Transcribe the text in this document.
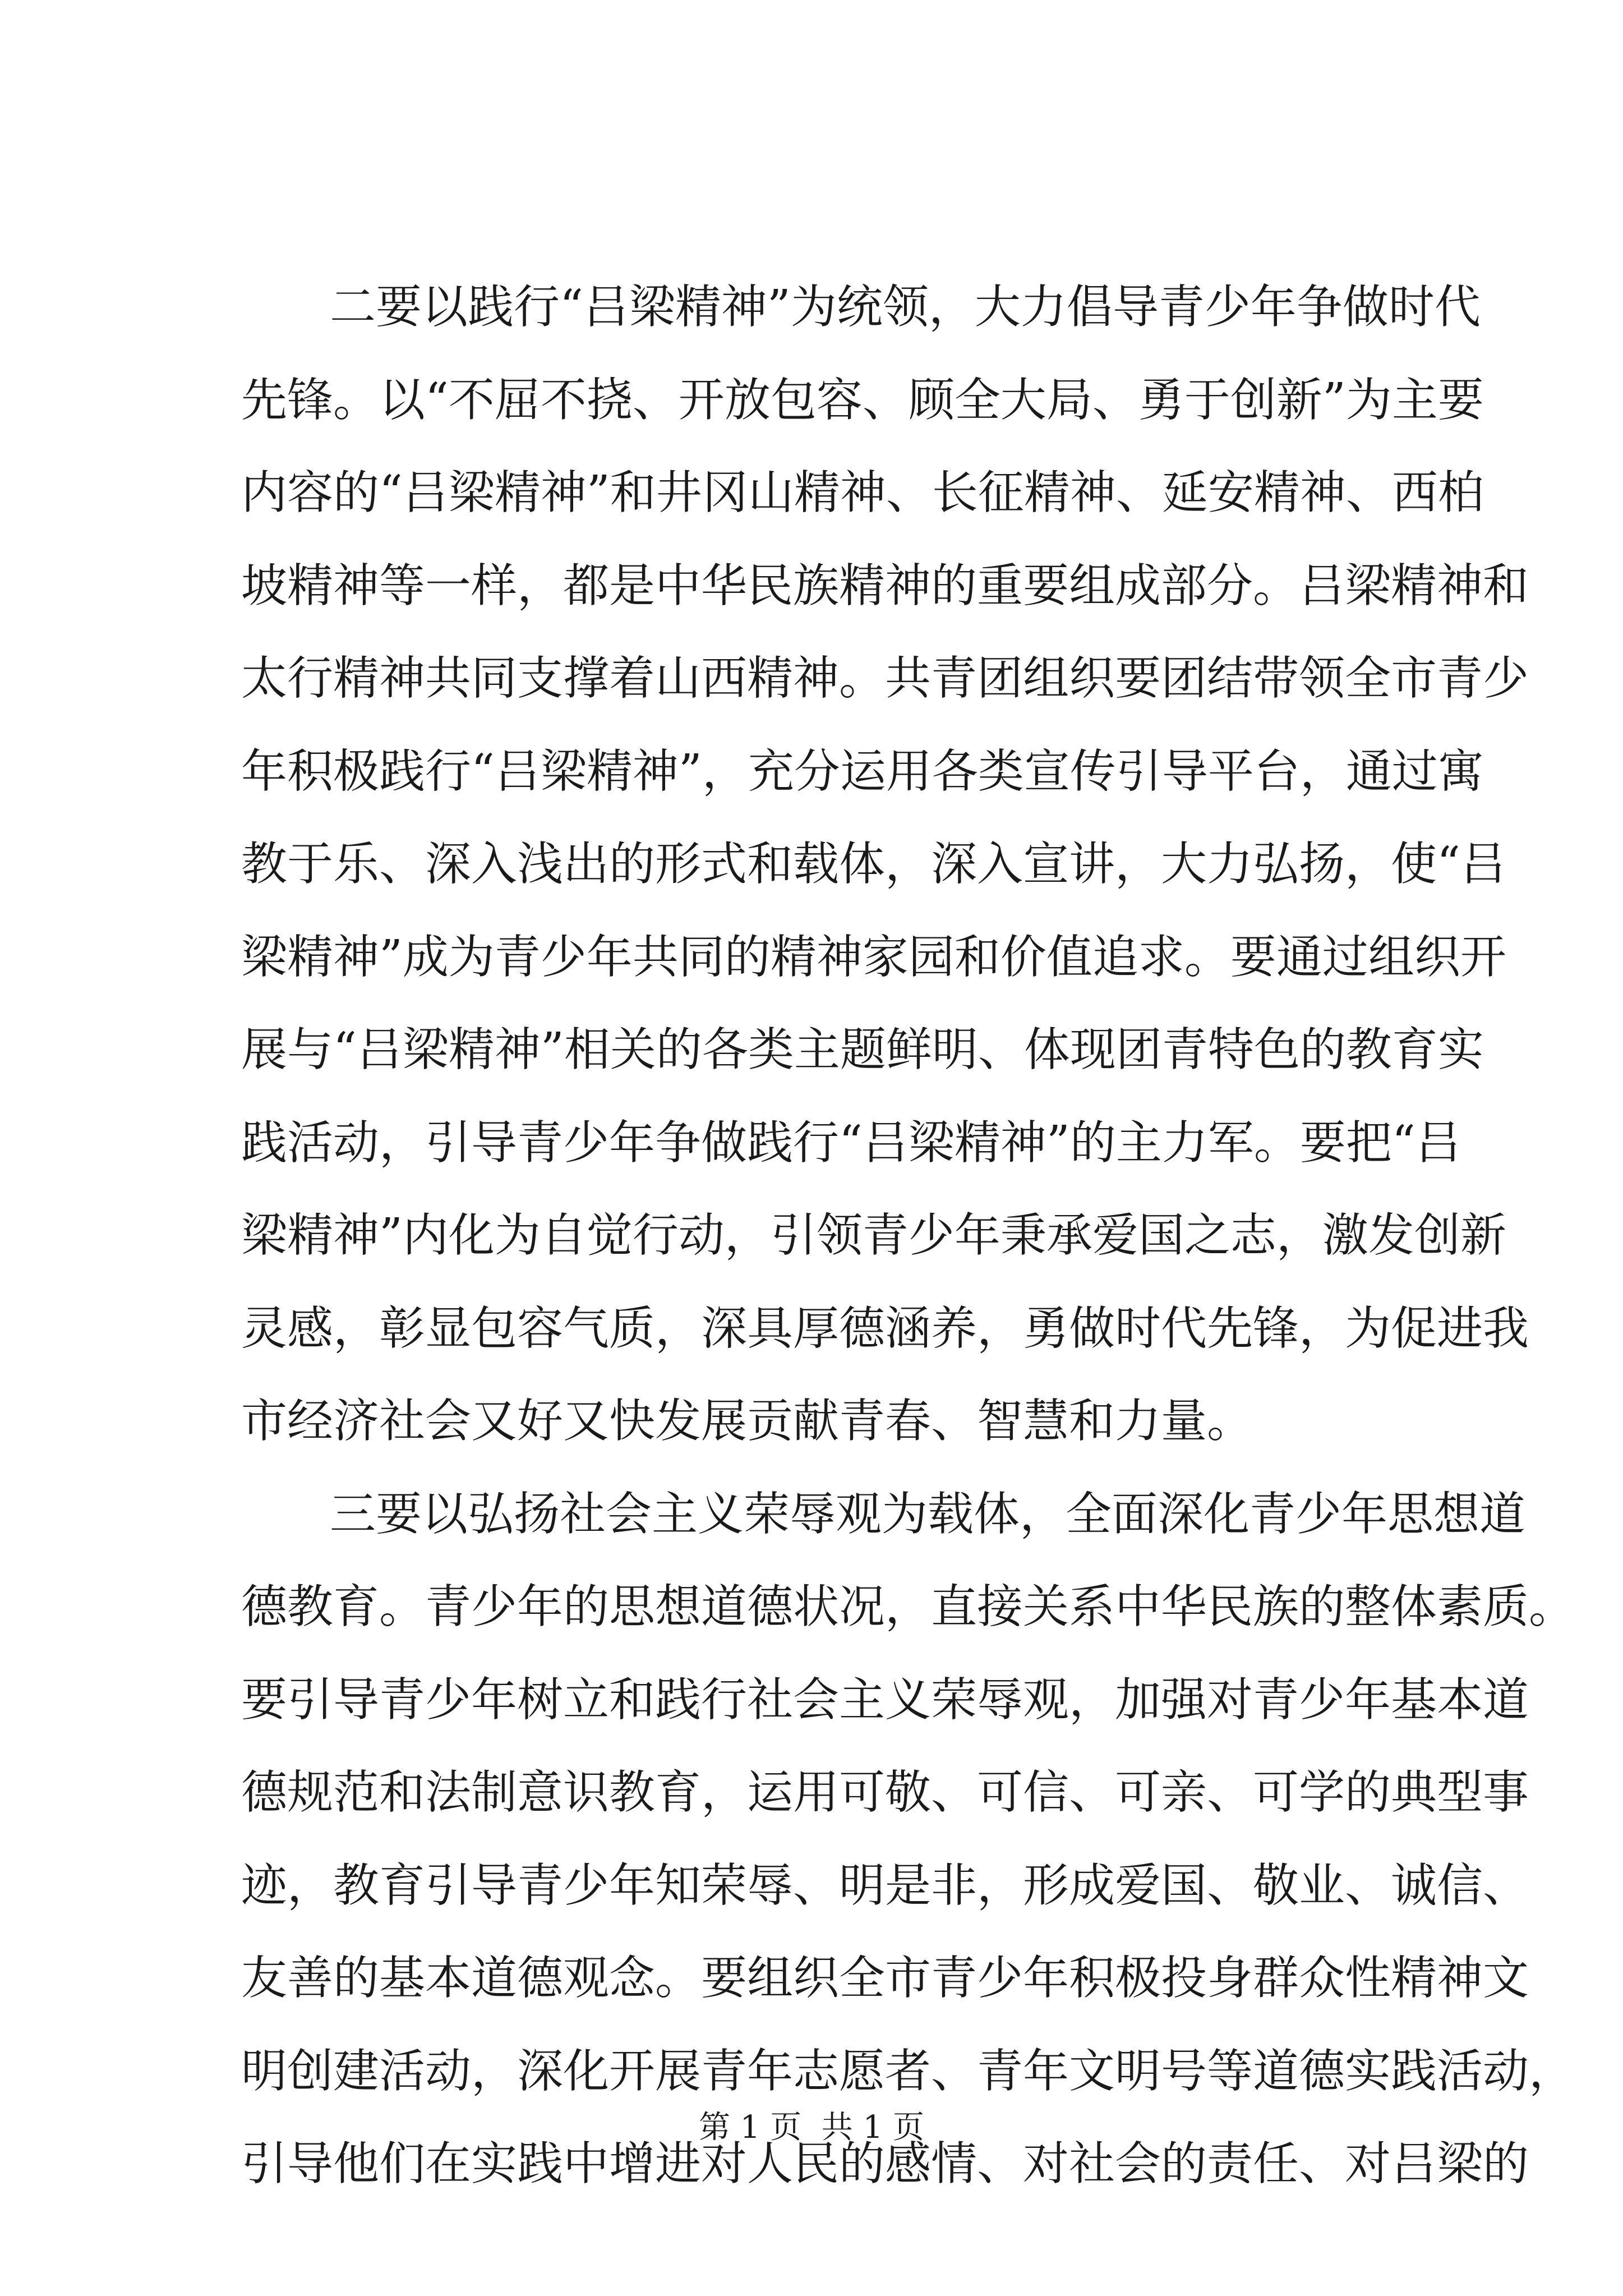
二要以践行“吕梁精神”为统领，大力倡导青少年争做时代
先锋。以“不屈不挠、开放包容、顾全大局、勇于创新”为主要
内容的“吕梁精神”和井冈山精神、长征精神、延安精神、西柏
坡精神等一样，都是中华民族精神的重要组成部分。吕梁精神和
太行精神共同支撑着山西精神。共青团组织要团结带领全市青少
年积极践行“吕梁精神”，充分运用各类宣传引导平台，通过寓
教于乐、深入浅出的形式和载体，深入宣讲，大力弘扬，使“吕
梁精神”成为青少年共同的精神家园和价值追求。要通过组织开
展与“吕梁精神”相关的各类主题鲜明、体现团青特色的教育实
践活动，引导青少年争做践行“吕梁精神”的主力军。要把“吕
梁精神”内化为自觉行动，引领青少年秉承爱国之志，激发创新
灵感，彰显包容气质，深具厚德涵养，勇做时代先锋，为促进我
市经济社会又好又快发展贡献青春、智慧和力量。
三要以弘扬社会主义荣辱观为载体，全面深化青少年思想道
德教育。青少年的思想道德状况，直接关系中华民族的整体素质。
要引导青少年树立和践行社会主义荣辱观，加强对青少年基本道
德规范和法制意识教育，运用可敬、可信、可亲、可学的典型事
迹，教育引导青少年知荣辱、明是非，形成爱国、敬业、诚信、
友善的基本道德观念。要组织全市青少年积极投身群众性精神文
明创建活动，深化开展青年志愿者、青年文明号等道德实践活动，
引导他们在实践中增进对人民的感情、对社会的责任、对吕梁的
第 1 页  共 1 页
